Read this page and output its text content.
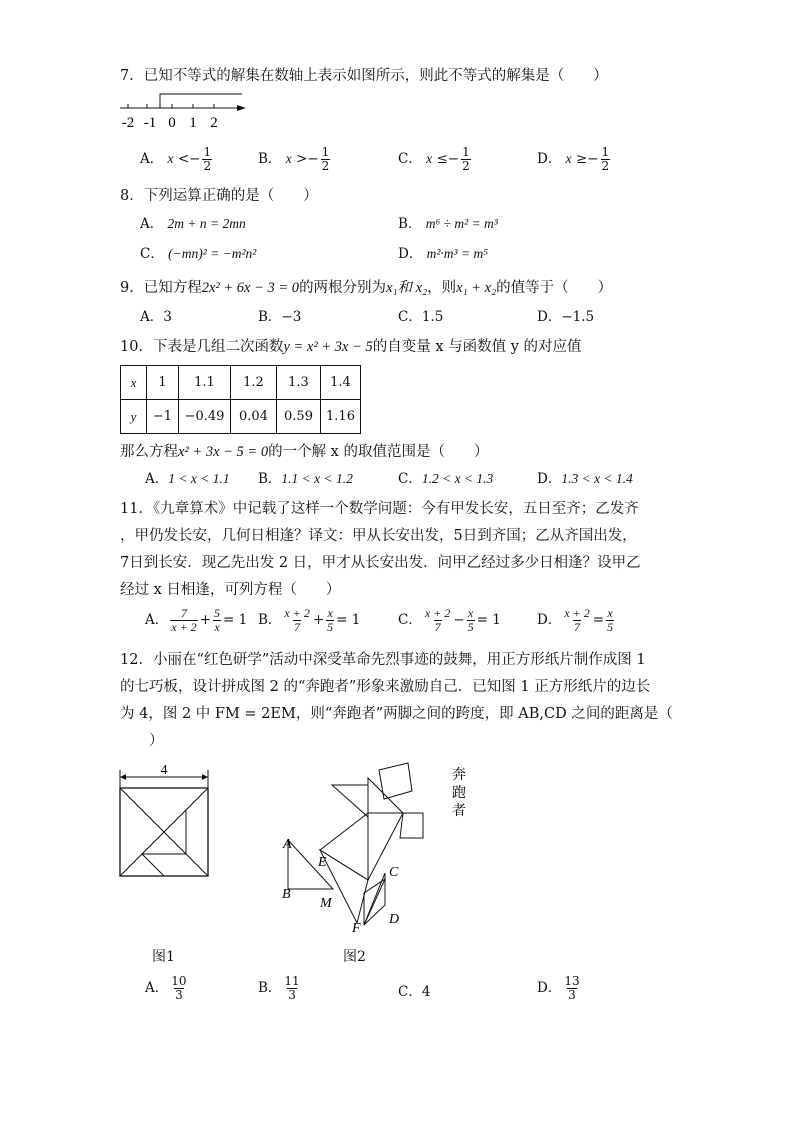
7．已知不等式的解集在数轴上表示如图所示，则此不等式的解集是（　　）
-2 -1 0 1 2
A． $x <- \frac{1}{2}$	B． $x >- \frac{1}{2}$	C． $x \le- \frac{1}{2}$	D． $x \ge- \frac{1}{2}$
8．下列运算正确的是（　　）
A． 2m + n = 2mn	B． m⁶ ÷ m² = m³
C． (−mn)² = −m²n²	D． m²·m³ = m⁵
9．已知方程2x² + 6x − 3 = 0的两根分别为x₁和 x₂，则x₁ + x₂的值等于（　　）
A．3	B．−3	C．1.5	D．−1.5
10．下表是几组二次函数y = x² + 3x − 5的自变量 x 与函数值 y 的对应值
x	1	1.1	1.2	1.3	1.4
y	−1	−0.49	0.04	0.59	1.16
那么方程x² + 3x − 5 = 0的一个解 x 的取值范围是（　　）
A．1 < x < 1.1 B．1.1 < x < 1.2	C．1.2 < x < 1.3	D．1.3 < x < 1.4
11．《九章算术》中记载了这样一个数学问题：今有甲发长安，五日至齐；乙发齐
，甲仍发长安，几何日相逢？译文：甲从长安出发，5日到齐国；乙从齐国出发，
7日到长安．现乙先出发 2 日，甲才从长安出发．问甲乙经过多少日相逢？设甲乙
经过 x 日相逢，可列方程（　　）
A． $\frac{7}{x + 2} + \frac{5}{x} = 1$ B． $\frac{x + 2}{7} + \frac{x}{5} = 1$	C． $\frac{x + 2}{7} - \frac{x}{5} = 1$	D． $\frac{x + 2}{7} = \frac{x}{5}$
12．小丽在“红色研学”活动中深受革命先烈事迹的鼓舞，用正方形纸片制作成图 1
的七巧板，设计拼成图 2 的“奔跑者”形象来激励自己．已知图 1 正方形纸片的边长
为 4，图 2 中 FM = 2EM，则“奔跑者”两脚之间的跨度，即 AB,CD 之间的距离是（
　　）
4
图1
A
B
E
M
F
C
D
奔
跑
者
图2
A． $\frac{10}{3}$	B． $\frac{11}{3}$	C．4	D． $\frac{13}{3}$
